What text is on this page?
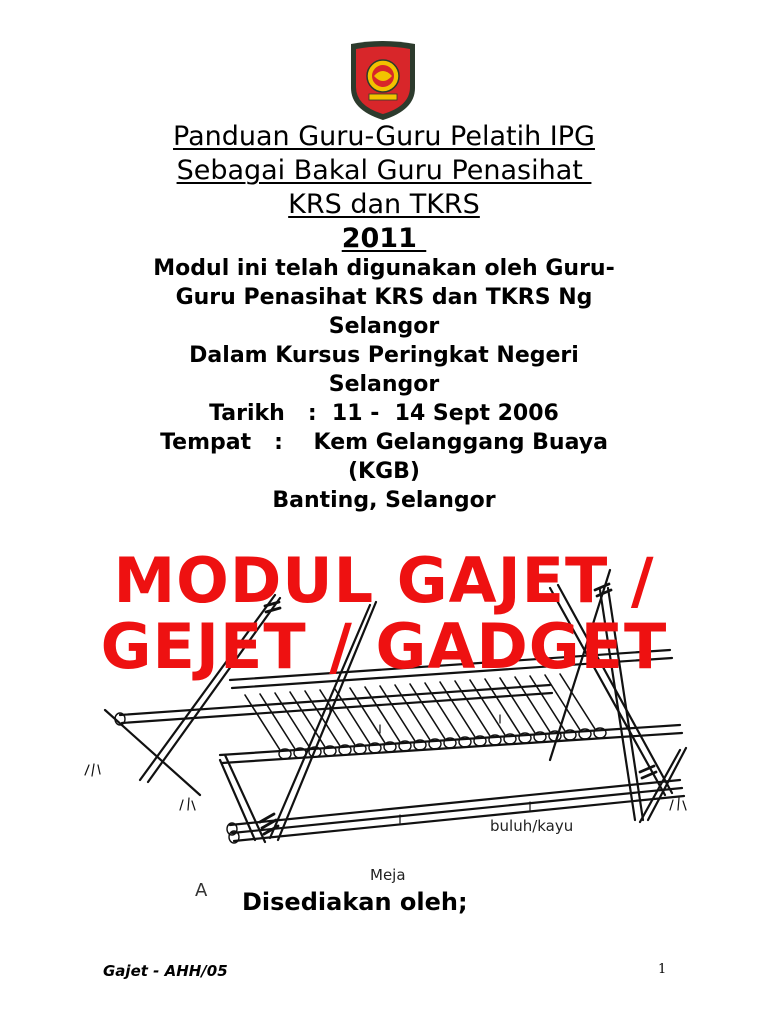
Panduan Guru-Guru Pelatih IPG
Sebagai Bakal Guru Penasihat
KRS dan TKRS
2011
Modul ini telah digunakan oleh Guru-
Guru Penasihat KRS dan TKRS Ng
Selangor
Dalam Kursus Peringkat Negeri
Selangor
Tarikh   :  11 -  14 Sept 2006
Tempat   :    Kem Gelanggang Buaya
(KGB)
Banting, Selangor
MODUL GAJET /
GEJET / GADGET
buluh/kayu
Meja
A Disediakan oleh;
Gajet - AHH/05	1
